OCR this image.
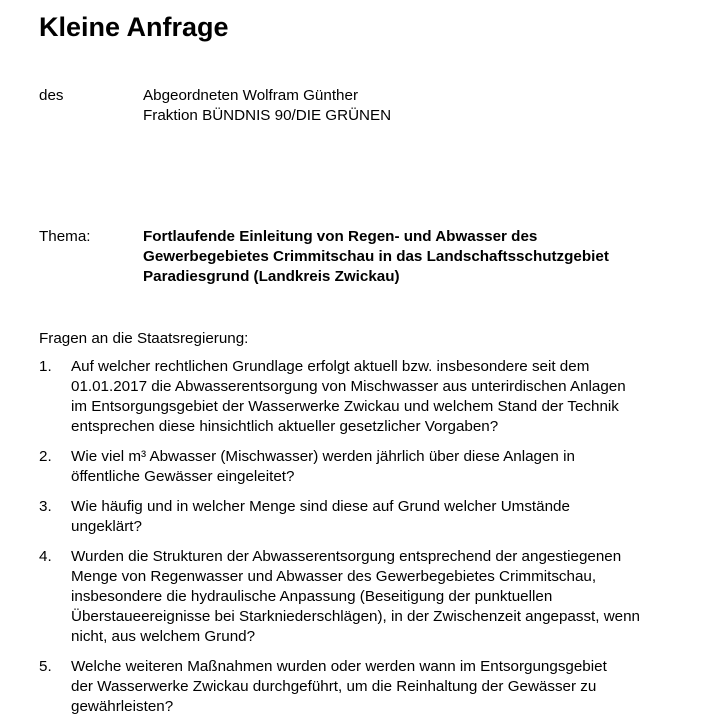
Kleine Anfrage
des	Abgeordneten Wolfram Günther
Fraktion BÜNDNIS 90/DIE GRÜNEN
Thema:	Fortlaufende Einleitung von Regen- und Abwasser des
Gewerbegebietes Crimmitschau in das Landschaftsschutzgebiet
Paradiesgrund (Landkreis Zwickau)
Fragen an die Staatsregierung:
1. Auf welcher rechtlichen Grundlage erfolgt aktuell bzw. insbesondere seit dem
01.01.2017 die Abwasserentsorgung von Mischwasser aus unterirdischen Anlagen
im Entsorgungsgebiet der Wasserwerke Zwickau und welchem Stand der Technik
entsprechen diese hinsichtlich aktueller gesetzlicher Vorgaben?
2. Wie viel m³ Abwasser (Mischwasser) werden jährlich über diese Anlagen in
öffentliche Gewässer eingeleitet?
3. Wie häufig und in welcher Menge sind diese auf Grund welcher Umstände
ungeklärt?
4. Wurden die Strukturen der Abwasserentsorgung entsprechend der angestiegenen
Menge von Regenwasser und Abwasser des Gewerbegebietes Crimmitschau,
insbesondere die hydraulische Anpassung (Beseitigung der punktuellen
Überstaueereignisse bei Starkniederschlägen), in der Zwischenzeit angepasst, wenn
nicht, aus welchem Grund?
5. Welche weiteren Maßnahmen wurden oder werden wann im Entsorgungsgebiet
der Wasserwerke Zwickau durchgeführt, um die Reinhaltung der Gewässer zu
gewährleisten?
